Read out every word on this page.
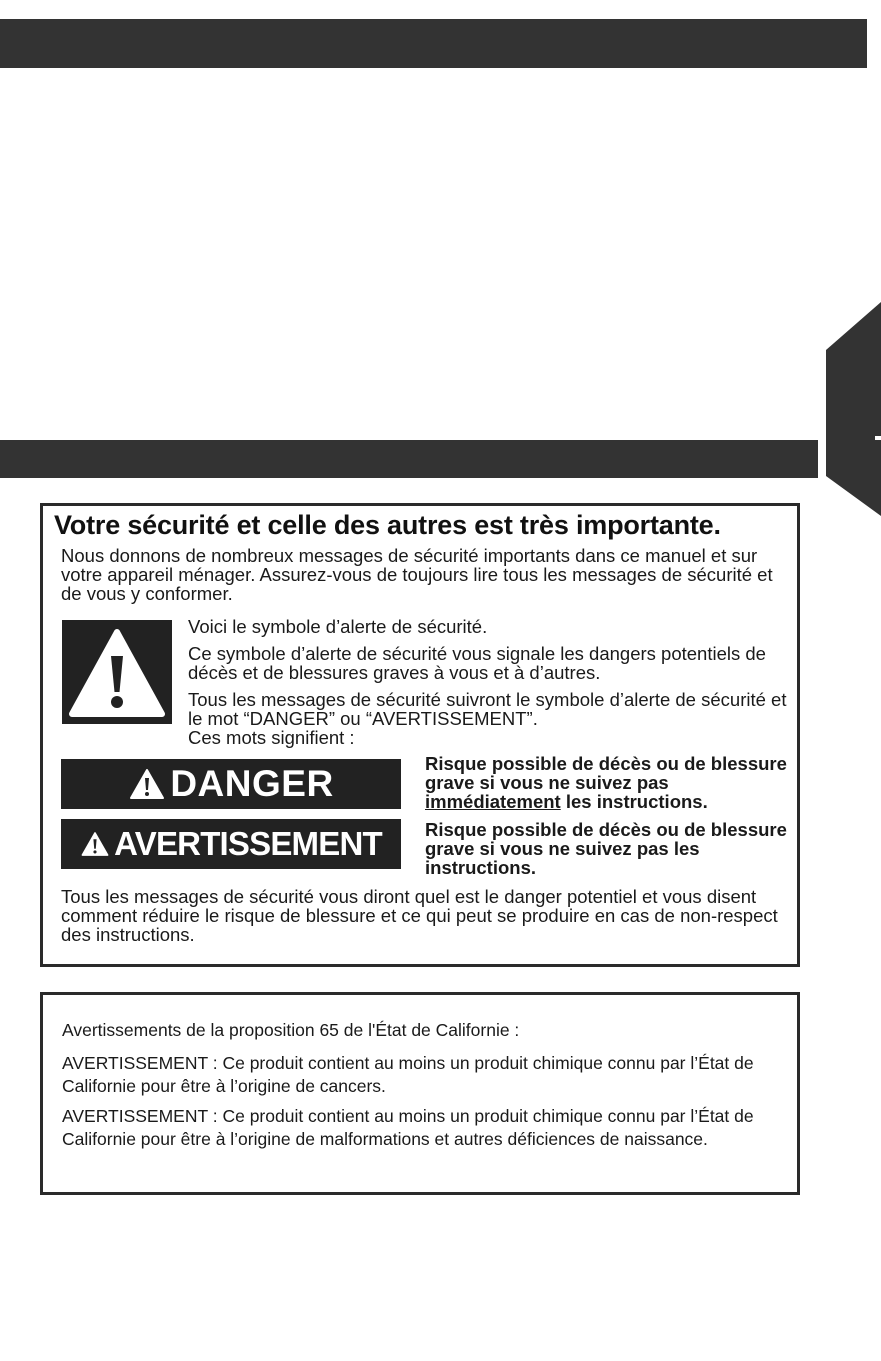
Votre sécurité et celle des autres est très importante.

Nous donnons de nombreux messages de sécurité importants dans ce manuel et sur votre appareil ménager. Assurez-vous de toujours lire tous les messages de sécurité et de vous y conformer.

Voici le symbole d’alerte de sécurité.

Ce symbole d’alerte de sécurité vous signale les dangers potentiels de décès et de blessures graves à vous et à d’autres.

Tous les messages de sécurité suivront le symbole d’alerte de sécurité et le mot “DANGER” ou “AVERTISSEMENT”.
Ces mots signifient :

DANGER	Risque possible de décès ou de blessure grave si vous ne suivez pas immédiatement les instructions.

AVERTISSEMENT Risque possible de décès ou de blessure grave si vous ne suivez pas les instructions.

Tous les messages de sécurité vous diront quel est le danger potentiel et vous disent comment réduire le risque de blessure et ce qui peut se produire en cas de non-respect des instructions.

Avertissements de la proposition 65 de l'État de Californie :

AVERTISSEMENT : Ce produit contient au moins un produit chimique connu par l’État de Californie pour être à l’origine de cancers.

AVERTISSEMENT : Ce produit contient au moins un produit chimique connu par l’État de Californie pour être à l’origine de malformations et autres déficiences de naissance.
